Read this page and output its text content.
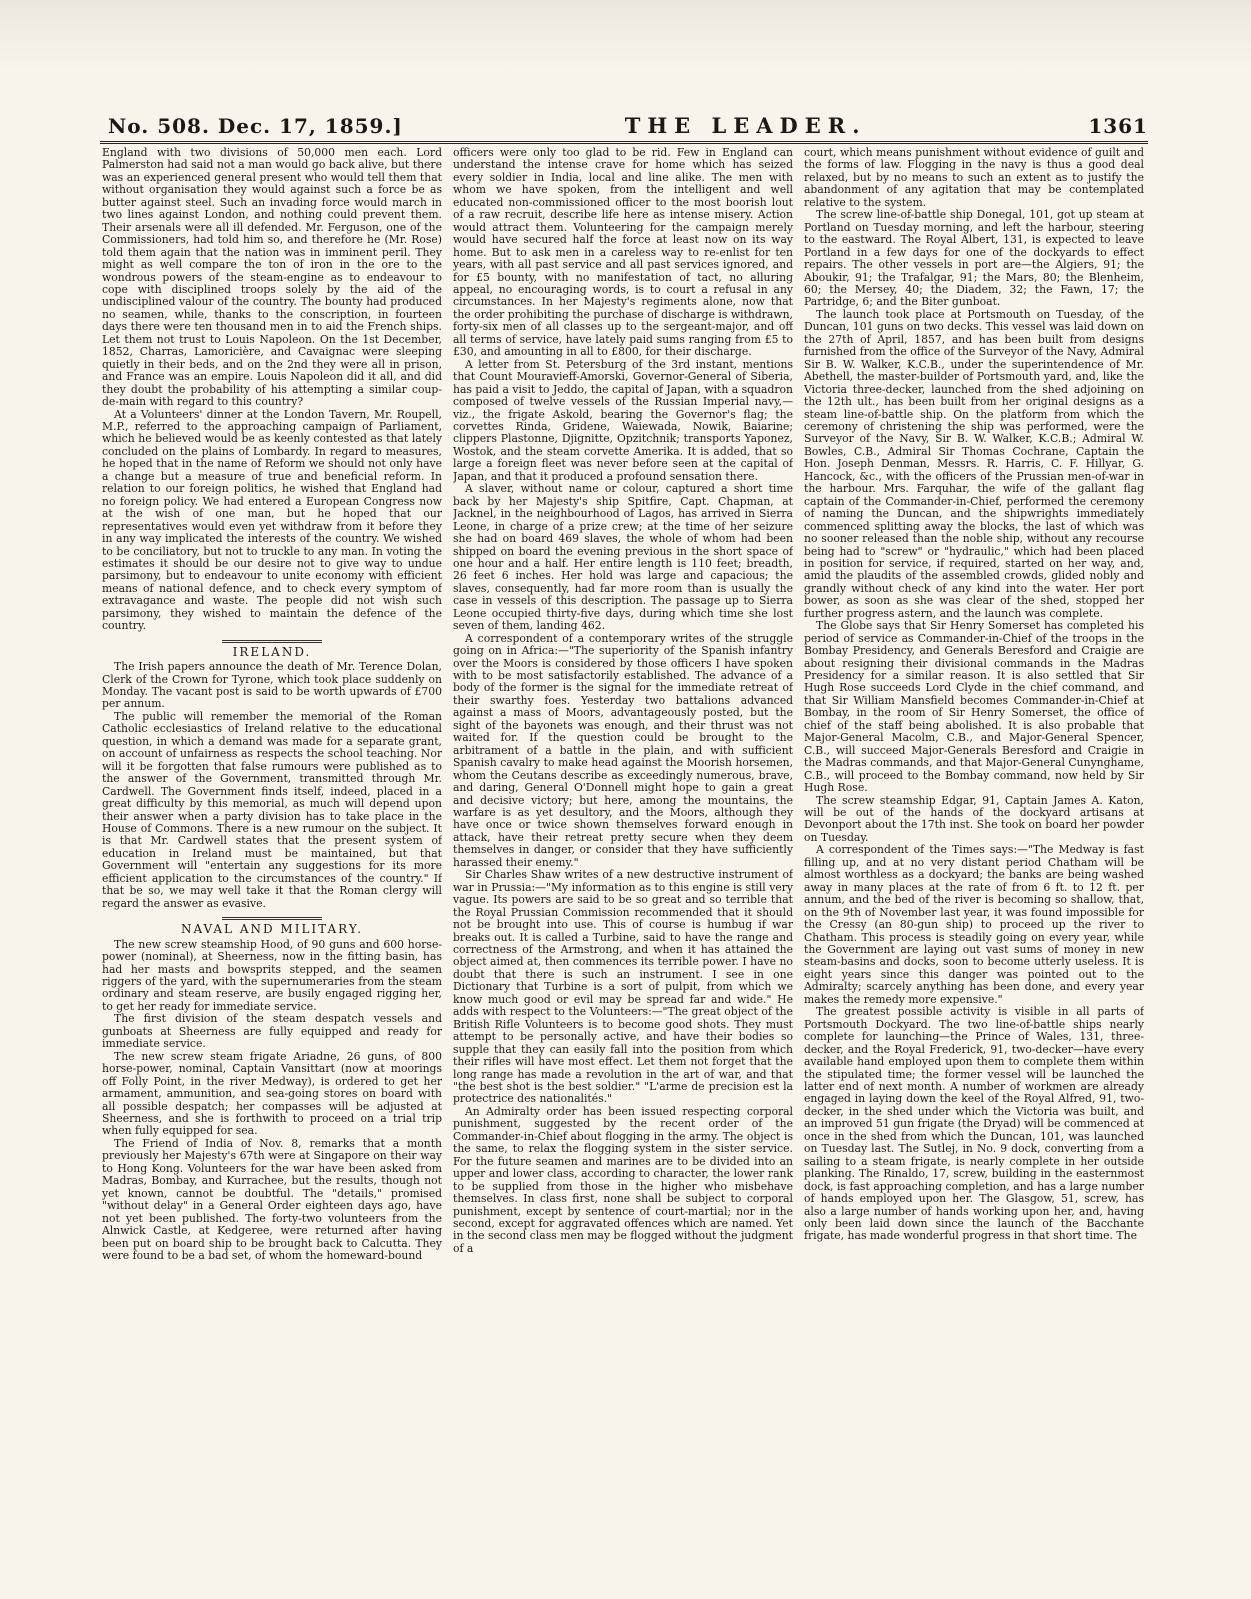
No. 508. Dec. 17, 1859.]	THE LEADER.	1361

England with two divisions of 50,000 men each. Lord Palmerston had said not a man would go back alive, but there was an experienced general present who would tell them that without organisation they would against such a force be as butter against steel. Such an invading force would march in two lines against London, and nothing could prevent them. Their arsenals were all ill defended. Mr. Ferguson, one of the Commissioners, had told him so, and therefore he (Mr. Rose) told them again that the nation was in imminent peril. They might as well compare the ton of iron in the ore to the wondrous powers of the steam-engine as to endeavour to cope with disciplined troops solely by the aid of the undisciplined valour of the country. The bounty had produced no seamen, while, thanks to the conscription, in fourteen days there were ten thousand men in to aid the French ships. Let them not trust to Louis Napoleon. On the 1st December, 1852, Charras, Lamoricière, and Cavaignac were sleeping quietly in their beds, and on the 2nd they were all in prison, and France was an empire. Louis Napoleon did it all, and did they doubt the probability of his attempting a similar coup-de-main with regard to this country?

At a Volunteers' dinner at the London Tavern, Mr. Roupell, M.P., referred to the approaching campaign of Parliament, which he believed would be as keenly contested as that lately concluded on the plains of Lombardy. In regard to measures, he hoped that in the name of Reform we should not only have a change but a measure of true and beneficial reform. In relation to our foreign politics, he wished that England had no foreign policy. We had entered a European Congress now at the wish of one man, but he hoped that our representatives would even yet withdraw from it before they in any way implicated the interests of the country. We wished to be conciliatory, but not to truckle to any man. In voting the estimates it should be our desire not to give way to undue parsimony, but to endeavour to unite economy with efficient means of national defence, and to check every symptom of extravagance and waste. The people did not wish such parsimony, they wished to maintain the defence of the country.

IRELAND.

The Irish papers announce the death of Mr. Terence Dolan, Clerk of the Crown for Tyrone, which took place suddenly on Monday. The vacant post is said to be worth upwards of £700 per annum.

The public will remember the memorial of the Roman Catholic ecclesiastics of Ireland relative to the educational question, in which a demand was made for a separate grant, on account of unfairness as respects the school teaching. Nor will it be forgotten that false rumours were published as to the answer of the Government, transmitted through Mr. Cardwell. The Government finds itself, indeed, placed in a great difficulty by this memorial, as much will depend upon their answer when a party division has to take place in the House of Commons. There is a new rumour on the subject. It is that Mr. Cardwell states that the present system of education in Ireland must be maintained, but that Government will "entertain any suggestions for its more efficient application to the circumstances of the country." If that be so, we may well take it that the Roman clergy will regard the answer as evasive.

NAVAL AND MILITARY.

The new screw steamship Hood, of 90 guns and 600 horse-power (nominal), at Sheerness, now in the fitting basin, has had her masts and bowsprits stepped, and the seamen riggers of the yard, with the supernumeraries from the steam ordinary and steam reserve, are busily engaged rigging her, to get her ready for immediate service.

The first division of the steam despatch vessels and gunboats at Sheerness are fully equipped and ready for immediate service.

The new screw steam frigate Ariadne, 26 guns, of 800 horse-power, nominal, Captain Vansittart (now at moorings off Folly Point, in the river Medway), is ordered to get her armament, ammunition, and sea-going stores on board with all possible despatch; her compasses will be adjusted at Sheerness, and she is forthwith to proceed on a trial trip when fully equipped for sea.

The Friend of India of Nov. 8, remarks that a month previously her Majesty's 67th were at Singapore on their way to Hong Kong. Volunteers for the war have been asked from Madras, Bombay, and Kurrachee, but the results, though not yet known, cannot be doubtful. The "details," promised "without delay" in a General Order eighteen days ago, have not yet been published. The forty-two volunteers from the Alnwick Castle, at Kedgeree, were returned after having been put on board ship to be brought back to Calcutta. They were found to be a bad set, of whom the homeward-bound

officers were only too glad to be rid. Few in England can understand the intense crave for home which has seized every soldier in India, local and line alike. The men with whom we have spoken, from the intelligent and well educated non-commissioned officer to the most boorish lout of a raw recruit, describe life here as intense misery. Action would attract them. Volunteering for the campaign merely would have secured half the force at least now on its way home. But to ask men in a careless way to re-enlist for ten years, with all past service and all past services ignored, and for £5 bounty, with no manifestation of tact, no alluring appeal, no encouraging words, is to court a refusal in any circumstances. In her Majesty's regiments alone, now that the order prohibiting the purchase of discharge is withdrawn, forty-six men of all classes up to the sergeant-major, and off all terms of service, have lately paid sums ranging from £5 to £30, and amounting in all to £800, for their discharge.

A letter from St. Petersburg of the 3rd instant, mentions that Count Mouravieff-Amorski, Governor-General of Siberia, has paid a visit to Jeddo, the capital of Japan, with a squadron composed of twelve vessels of the Russian Imperial navy,—viz., the frigate Askold, bearing the Governor's flag; the corvettes Rinda, Gridene, Waiewada, Nowik, Baiarine; clippers Plastonne, Djignitte, Opzitchnik; transports Yaponez, Wostok, and the steam corvette Amerika. It is added, that so large a foreign fleet was never before seen at the capital of Japan, and that it produced a profound sensation there.

A slaver, without name or colour, captured a short time back by her Majesty's ship Spitfire, Capt. Chapman, at Jacknel, in the neighbourhood of Lagos, has arrived in Sierra Leone, in charge of a prize crew; at the time of her seizure she had on board 469 slaves, the whole of whom had been shipped on board the evening previous in the short space of one hour and a half. Her entire length is 110 feet; breadth, 26 feet 6 inches. Her hold was large and capacious; the slaves, consequently, had far more room than is usually the case in vessels of this description. The passage up to Sierra Leone occupied thirty-five days, during which time she lost seven of them, landing 462.

A correspondent of a contemporary writes of the struggle going on in Africa:—"The superiority of the Spanish infantry over the Moors is considered by those officers I have spoken with to be most satisfactorily established. The advance of a body of the former is the signal for the immediate retreat of their swarthy foes. Yesterday two battalions advanced against a mass of Moors, advantageously posted, but the sight of the bayonets was enough, and their thrust was not waited for. If the question could be brought to the arbitrament of a battle in the plain, and with sufficient Spanish cavalry to make head against the Moorish horsemen, whom the Ceutans describe as exceedingly numerous, brave, and daring, General O'Donnell might hope to gain a great and decisive victory; but here, among the mountains, the warfare is as yet desultory, and the Moors, although they have once or twice shown themselves forward enough in attack, have their retreat pretty secure when they deem themselves in danger, or consider that they have sufficiently harassed their enemy."

Sir Charles Shaw writes of a new destructive instrument of war in Prussia:—"My information as to this engine is still very vague. Its powers are said to be so great and so terrible that the Royal Prussian Commission recommended that it should not be brought into use. This of course is humbug if war breaks out. It is called a Turbine, said to have the range and correctness of the Armstrong, and when it has attained the object aimed at, then commences its terrible power. I have no doubt that there is such an instrument. I see in one Dictionary that Turbine is a sort of pulpit, from which we know much good or evil may be spread far and wide." He adds with respect to the Volunteers:—"The great object of the British Rifle Volunteers is to become good shots. They must attempt to be personally active, and have their bodies so supple that they can easily fall into the position from which their rifles will have most effect. Let them not forget that the long range has made a revolution in the art of war, and that "the best shot is the best soldier." "L'arme de precision est la protectrice des nationalités."

An Admiralty order has been issued respecting corporal punishment, suggested by the recent order of the Commander-in-Chief about flogging in the army. The object is the same, to relax the flogging system in the sister service. For the future seamen and marines are to be divided into an upper and lower class, according to character, the lower rank to be supplied from those in the higher who misbehave themselves. In class first, none shall be subject to corporal punishment, except by sentence of court-martial; nor in the second, except for aggravated offences which are named. Yet in the second class men may be flogged without the judgment of a

court, which means punishment without evidence of guilt and the forms of law. Flogging in the navy is thus a good deal relaxed, but by no means to such an extent as to justify the abandonment of any agitation that may be contemplated relative to the system.

The screw line-of-battle ship Donegal, 101, got up steam at Portland on Tuesday morning, and left the harbour, steering to the eastward. The Royal Albert, 131, is expected to leave Portland in a few days for one of the dockyards to effect repairs. The other vessels in port are—the Algiers, 91; the Aboukir, 91; the Trafalgar, 91; the Mars, 80; the Blenheim, 60; the Mersey, 40; the Diadem, 32; the Fawn, 17; the Partridge, 6; and the Biter gunboat.

The launch took place at Portsmouth on Tuesday, of the Duncan, 101 guns on two decks. This vessel was laid down on the 27th of April, 1857, and has been built from designs furnished from the office of the Surveyor of the Navy, Admiral Sir B. W. Walker, K.C.B., under the superintendence of Mr. Abethell, the master-builder of Portsmouth yard, and, like the Victoria three-decker, launched from the shed adjoining on the 12th ult., has been built from her original designs as a steam line-of-battle ship. On the platform from which the ceremony of christening the ship was performed, were the Surveyor of the Navy, Sir B. W. Walker, K.C.B.; Admiral W. Bowles, C.B., Admiral Sir Thomas Cochrane, Captain the Hon. Joseph Denman, Messrs. R. Harris, C. F. Hillyar, G. Hancock, &c., with the officers of the Prussian men-of-war in the harbour. Mrs. Farquhar, the wife of the gallant flag captain of the Commander-in-Chief, performed the ceremony of naming the Duncan, and the shipwrights immediately commenced splitting away the blocks, the last of which was no sooner released than the noble ship, without any recourse being had to "screw" or "hydraulic," which had been placed in position for service, if required, started on her way, and, amid the plaudits of the assembled crowds, glided nobly and grandly without check of any kind into the water. Her port bower, as soon as she was clear of the shed, stopped her further progress astern, and the launch was complete.

The Globe says that Sir Henry Somerset has completed his period of service as Commander-in-Chief of the troops in the Bombay Presidency, and Generals Beresford and Craigie are about resigning their divisional commands in the Madras Presidency for a similar reason. It is also settled that Sir Hugh Rose succeeds Lord Clyde in the chief command, and that Sir William Mansfield becomes Commander-in-Chief at Bombay, in the room of Sir Henry Somerset, the office of chief of the staff being abolished. It is also probable that Major-General Macolm, C.B., and Major-General Spencer, C.B., will succeed Major-Generals Beresford and Craigie in the Madras commands, and that Major-General Cunynghame, C.B., will proceed to the Bombay command, now held by Sir Hugh Rose.

The screw steamship Edgar, 91, Captain James A. Katon, will be out of the hands of the dockyard artisans at Devonport about the 17th inst. She took on board her powder on Tuesday.

A correspondent of the Times says:—"The Medway is fast filling up, and at no very distant period Chatham will be almost worthless as a dockyard; the banks are being washed away in many places at the rate of from 6 ft. to 12 ft. per annum, and the bed of the river is becoming so shallow, that, on the 9th of November last year, it was found impossible for the Cressy (an 80-gun ship) to proceed up the river to Chatham. This process is steadily going on every year, while the Government are laying out vast sums of money in new steam-basins and docks, soon to become utterly useless. It is eight years since this danger was pointed out to the Admiralty; scarcely anything has been done, and every year makes the remedy more expensive."

The greatest possible activity is visible in all parts of Portsmouth Dockyard. The two line-of-battle ships nearly complete for launching—the Prince of Wales, 131, three-decker, and the Royal Frederick, 91, two-decker—have every available hand employed upon them to complete them within the stipulated time; the former vessel will be launched the latter end of next month. A number of workmen are already engaged in laying down the keel of the Royal Alfred, 91, two-decker, in the shed under which the Victoria was built, and an improved 51 gun frigate (the Dryad) will be commenced at once in the shed from which the Duncan, 101, was launched on Tuesday last. The Sutlej, in No. 9 dock, converting from a sailing to a steam frigate, is nearly complete in her outside planking. The Rinaldo, 17, screw, building in the easternmost dock, is fast approaching completion, and has a large number of hands employed upon her. The Glasgow, 51, screw, has also a large number of hands working upon her, and, having only been laid down since the launch of the Bacchante frigate, has made wonderful progress in that short time. The
